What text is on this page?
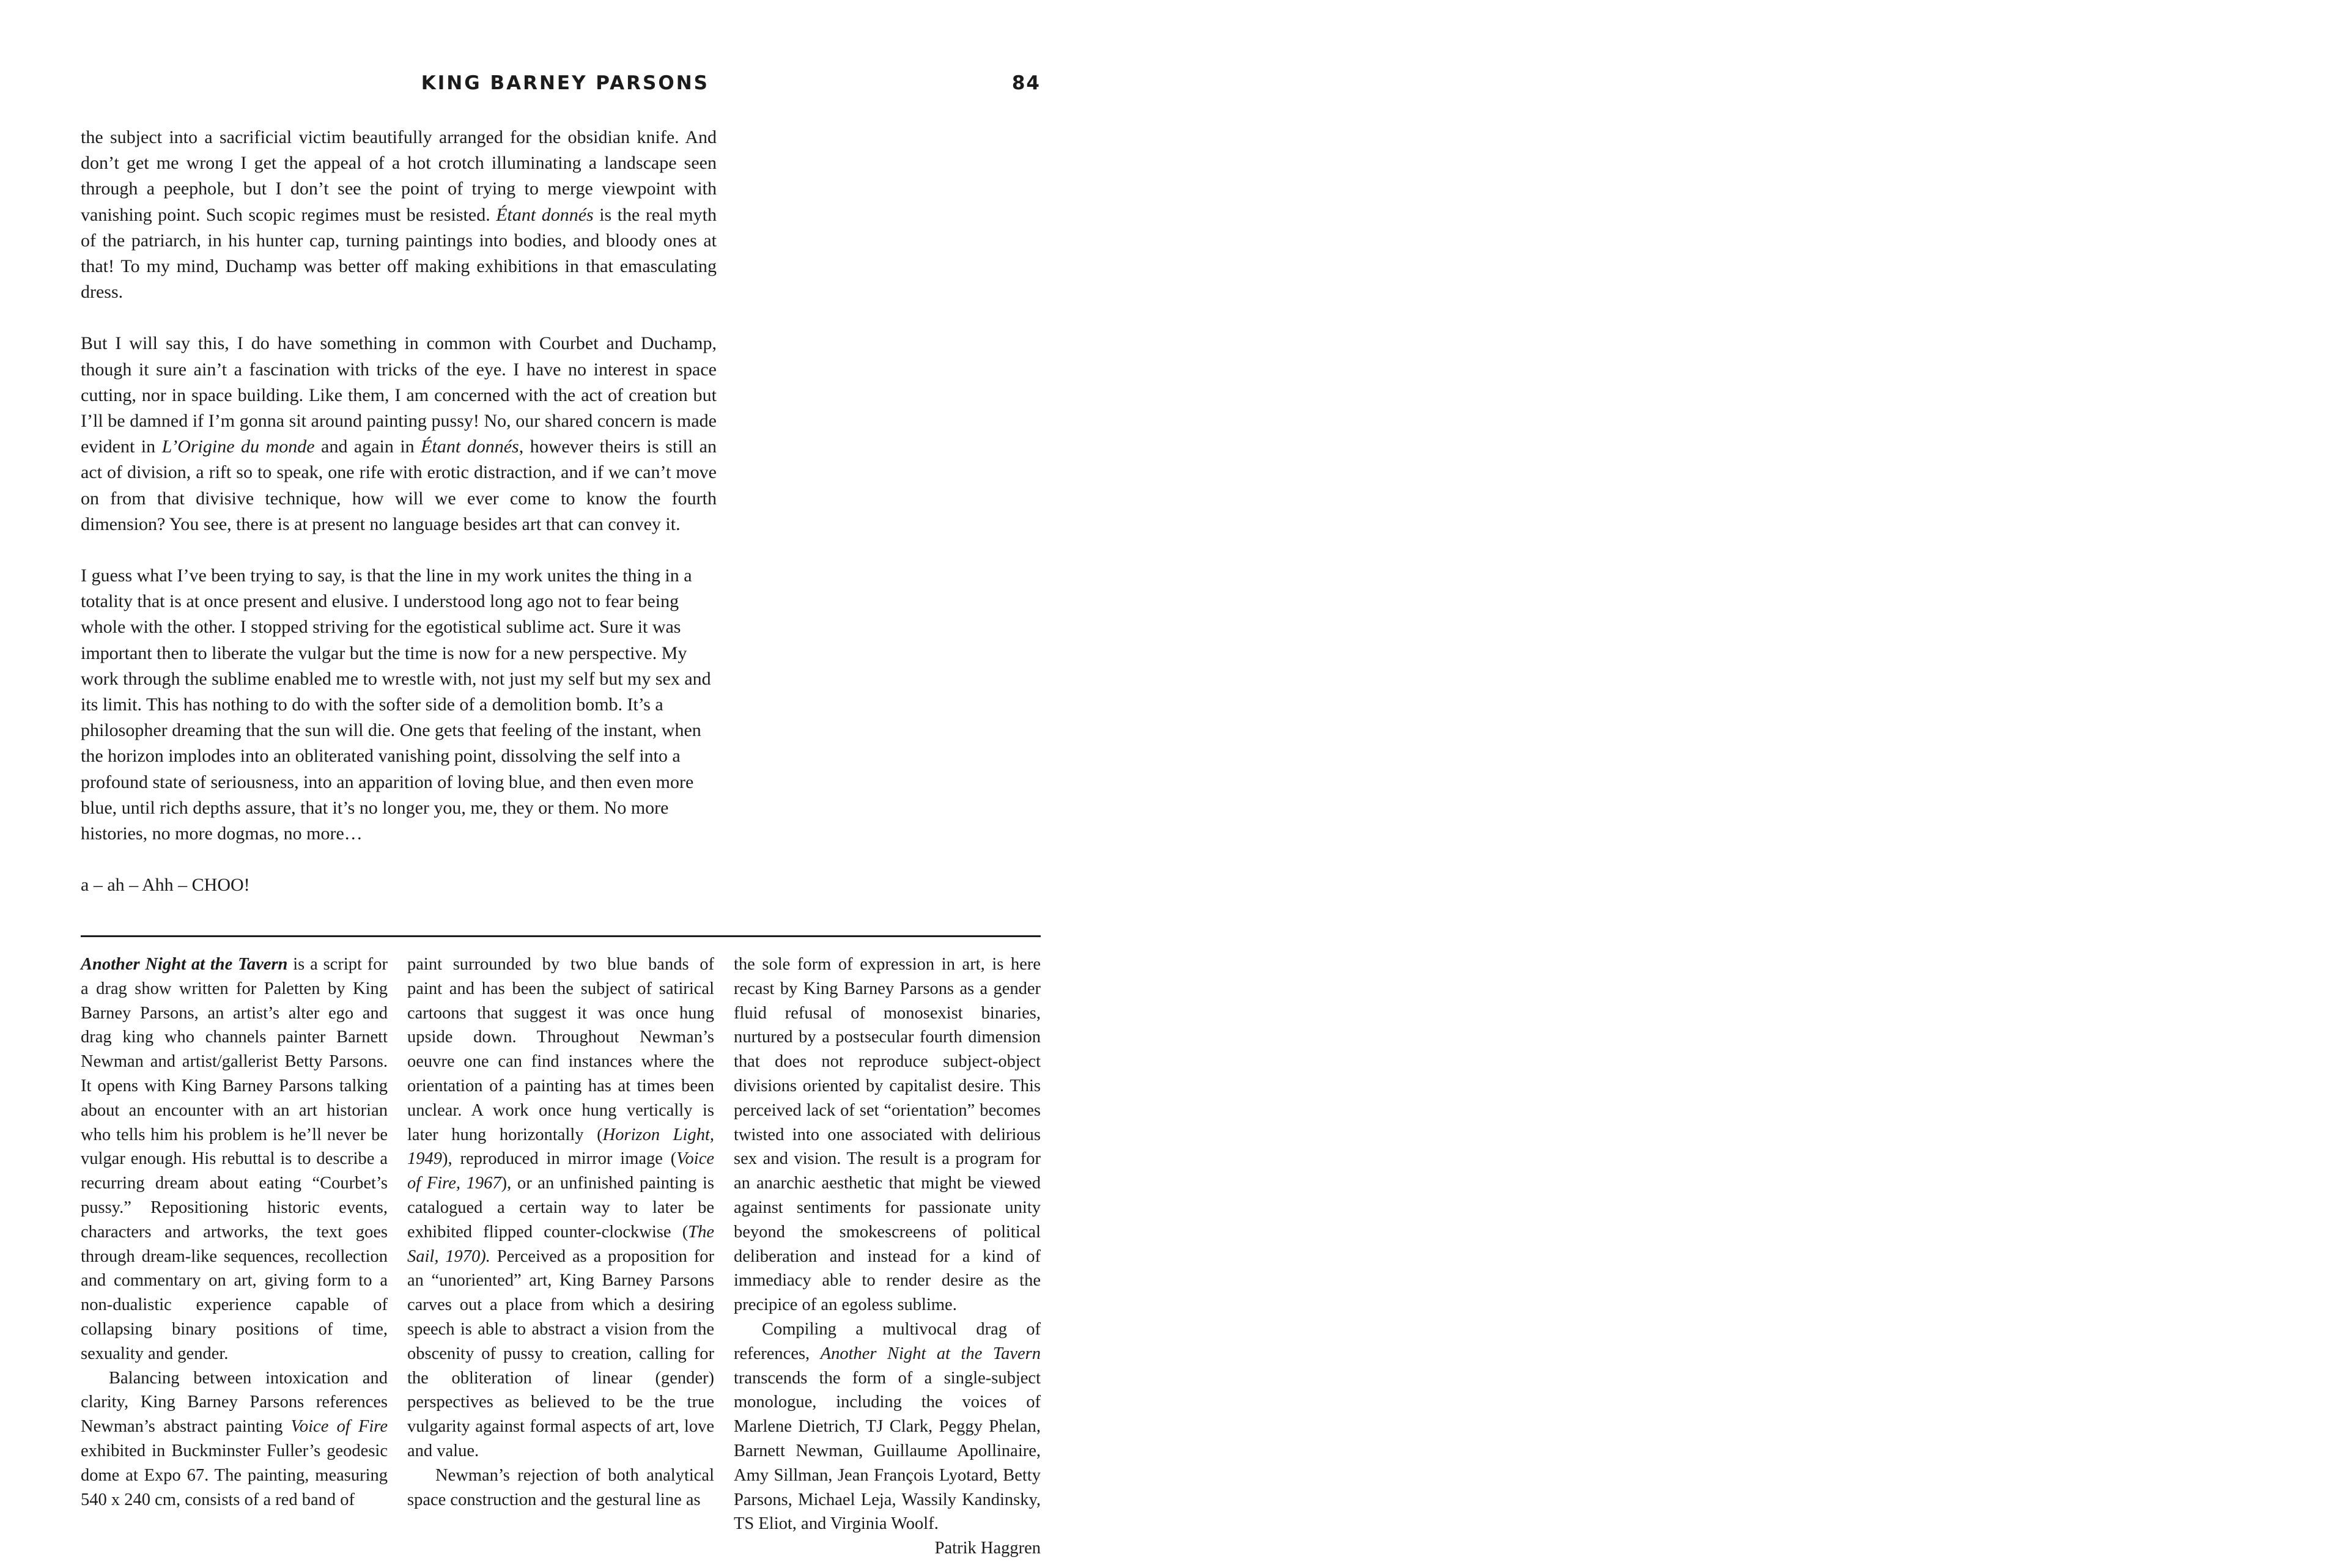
KING BARNEY PARSONS	84

the subject into a sacrificial victim beautifully arranged for the obsidian knife. And don’t get me wrong I get the appeal of a hot crotch illuminating a landscape seen through a peephole, but I don’t see the point of trying to merge viewpoint with vanishing point. Such scopic regimes must be resisted. Étant donnés is the real myth of the patriarch, in his hunter cap, turning paintings into bodies, and bloody ones at that! To my mind, Duchamp was better off making exhibitions in that emasculating dress.

But I will say this, I do have something in common with Courbet and Duchamp, though it sure ain’t a fascination with tricks of the eye. I have no interest in space cutting, nor in space building. Like them, I am concerned with the act of creation but I’ll be damned if I’m gonna sit around painting pussy! No, our shared concern is made evident in L’Origine du monde and again in Étant donnés, however theirs is still an act of division, a rift so to speak, one rife with erotic distraction, and if we can’t move on from that divisive technique, how will we ever come to know the fourth dimension? You see, there is at present no language besides art that can convey it.

I guess what I’ve been trying to say, is that the line in my work unites the thing in a totality that is at once present and elusive. I understood long ago not to fear being whole with the other. I stopped striving for the egotistical sublime act. Sure it was important then to liberate the vulgar but the time is now for a new perspective. My work through the sublime enabled me to wrestle with, not just my self but my sex and its limit. This has nothing to do with the softer side of a demolition bomb. It’s a philosopher dreaming that the sun will die. One gets that feeling of the instant, when the horizon implodes into an obliterated vanishing point, dissolving the self into a profound state of seriousness, into an apparition of loving blue, and then even more blue, until rich depths assure, that it’s no longer you, me, they or them. No more histories, no more dogmas, no more…

a – ah – Ahh – CHOO!

Another Night at the Tavern is a script for a drag show written for Paletten by King Barney Parsons, an artist’s alter ego and drag king who channels painter Barnett Newman and artist/gallerist Betty Parsons. It opens with King Barney Parsons talking about an encounter with an art historian who tells him his problem is he’ll never be vulgar enough. His rebuttal is to describe a recurring dream about eating “Courbet’s pussy.” Repositioning historic events, characters and artworks, the text goes through dream-like sequences, recollection and commentary on art, giving form to a non-dualistic experience capable of collapsing binary positions of time, sexuality and gender.

Balancing between intoxication and clarity, King Barney Parsons references Newman’s abstract painting Voice of Fire exhibited in Buckminster Fuller’s geodesic dome at Expo 67. The painting, measuring 540 x 240 cm, consists of a red band of

paint surrounded by two blue bands of paint and has been the subject of satirical cartoons that suggest it was once hung upside down. Throughout Newman’s oeuvre one can find instances where the orientation of a painting has at times been unclear. A work once hung vertically is later hung horizontally (Horizon Light, 1949), reproduced in mirror image (Voice of Fire, 1967), or an unfinished painting is catalogued a certain way to later be exhibited flipped counter-clockwise (The Sail, 1970). Perceived as a proposition for an “unoriented” art, King Barney Parsons carves out a place from which a desiring speech is able to abstract a vision from the obscenity of pussy to creation, calling for the obliteration of linear (gender) perspectives as believed to be the true vulgarity against formal aspects of art, love and value.

Newman’s rejection of both analytical space construction and the gestural line as

the sole form of expression in art, is here recast by King Barney Parsons as a gender fluid refusal of monosexist binaries, nurtured by a postsecular fourth dimension that does not reproduce subject-object divisions oriented by capitalist desire. This perceived lack of set “orientation” becomes twisted into one associated with delirious sex and vision. The result is a program for an anarchic aesthetic that might be viewed against sentiments for passionate unity beyond the smokescreens of political deliberation and instead for a kind of immediacy able to render desire as the precipice of an egoless sublime.

Compiling a multivocal drag of references, Another Night at the Tavern transcends the form of a single-subject monologue, including the voices of Marlene Dietrich, TJ Clark, Peggy Phelan, Barnett Newman, Guillaume Apollinaire, Amy Sillman, Jean François Lyotard, Betty Parsons, Michael Leja, Wassily Kandinsky, TS Eliot, and Virginia Woolf.

Patrik Haggren
